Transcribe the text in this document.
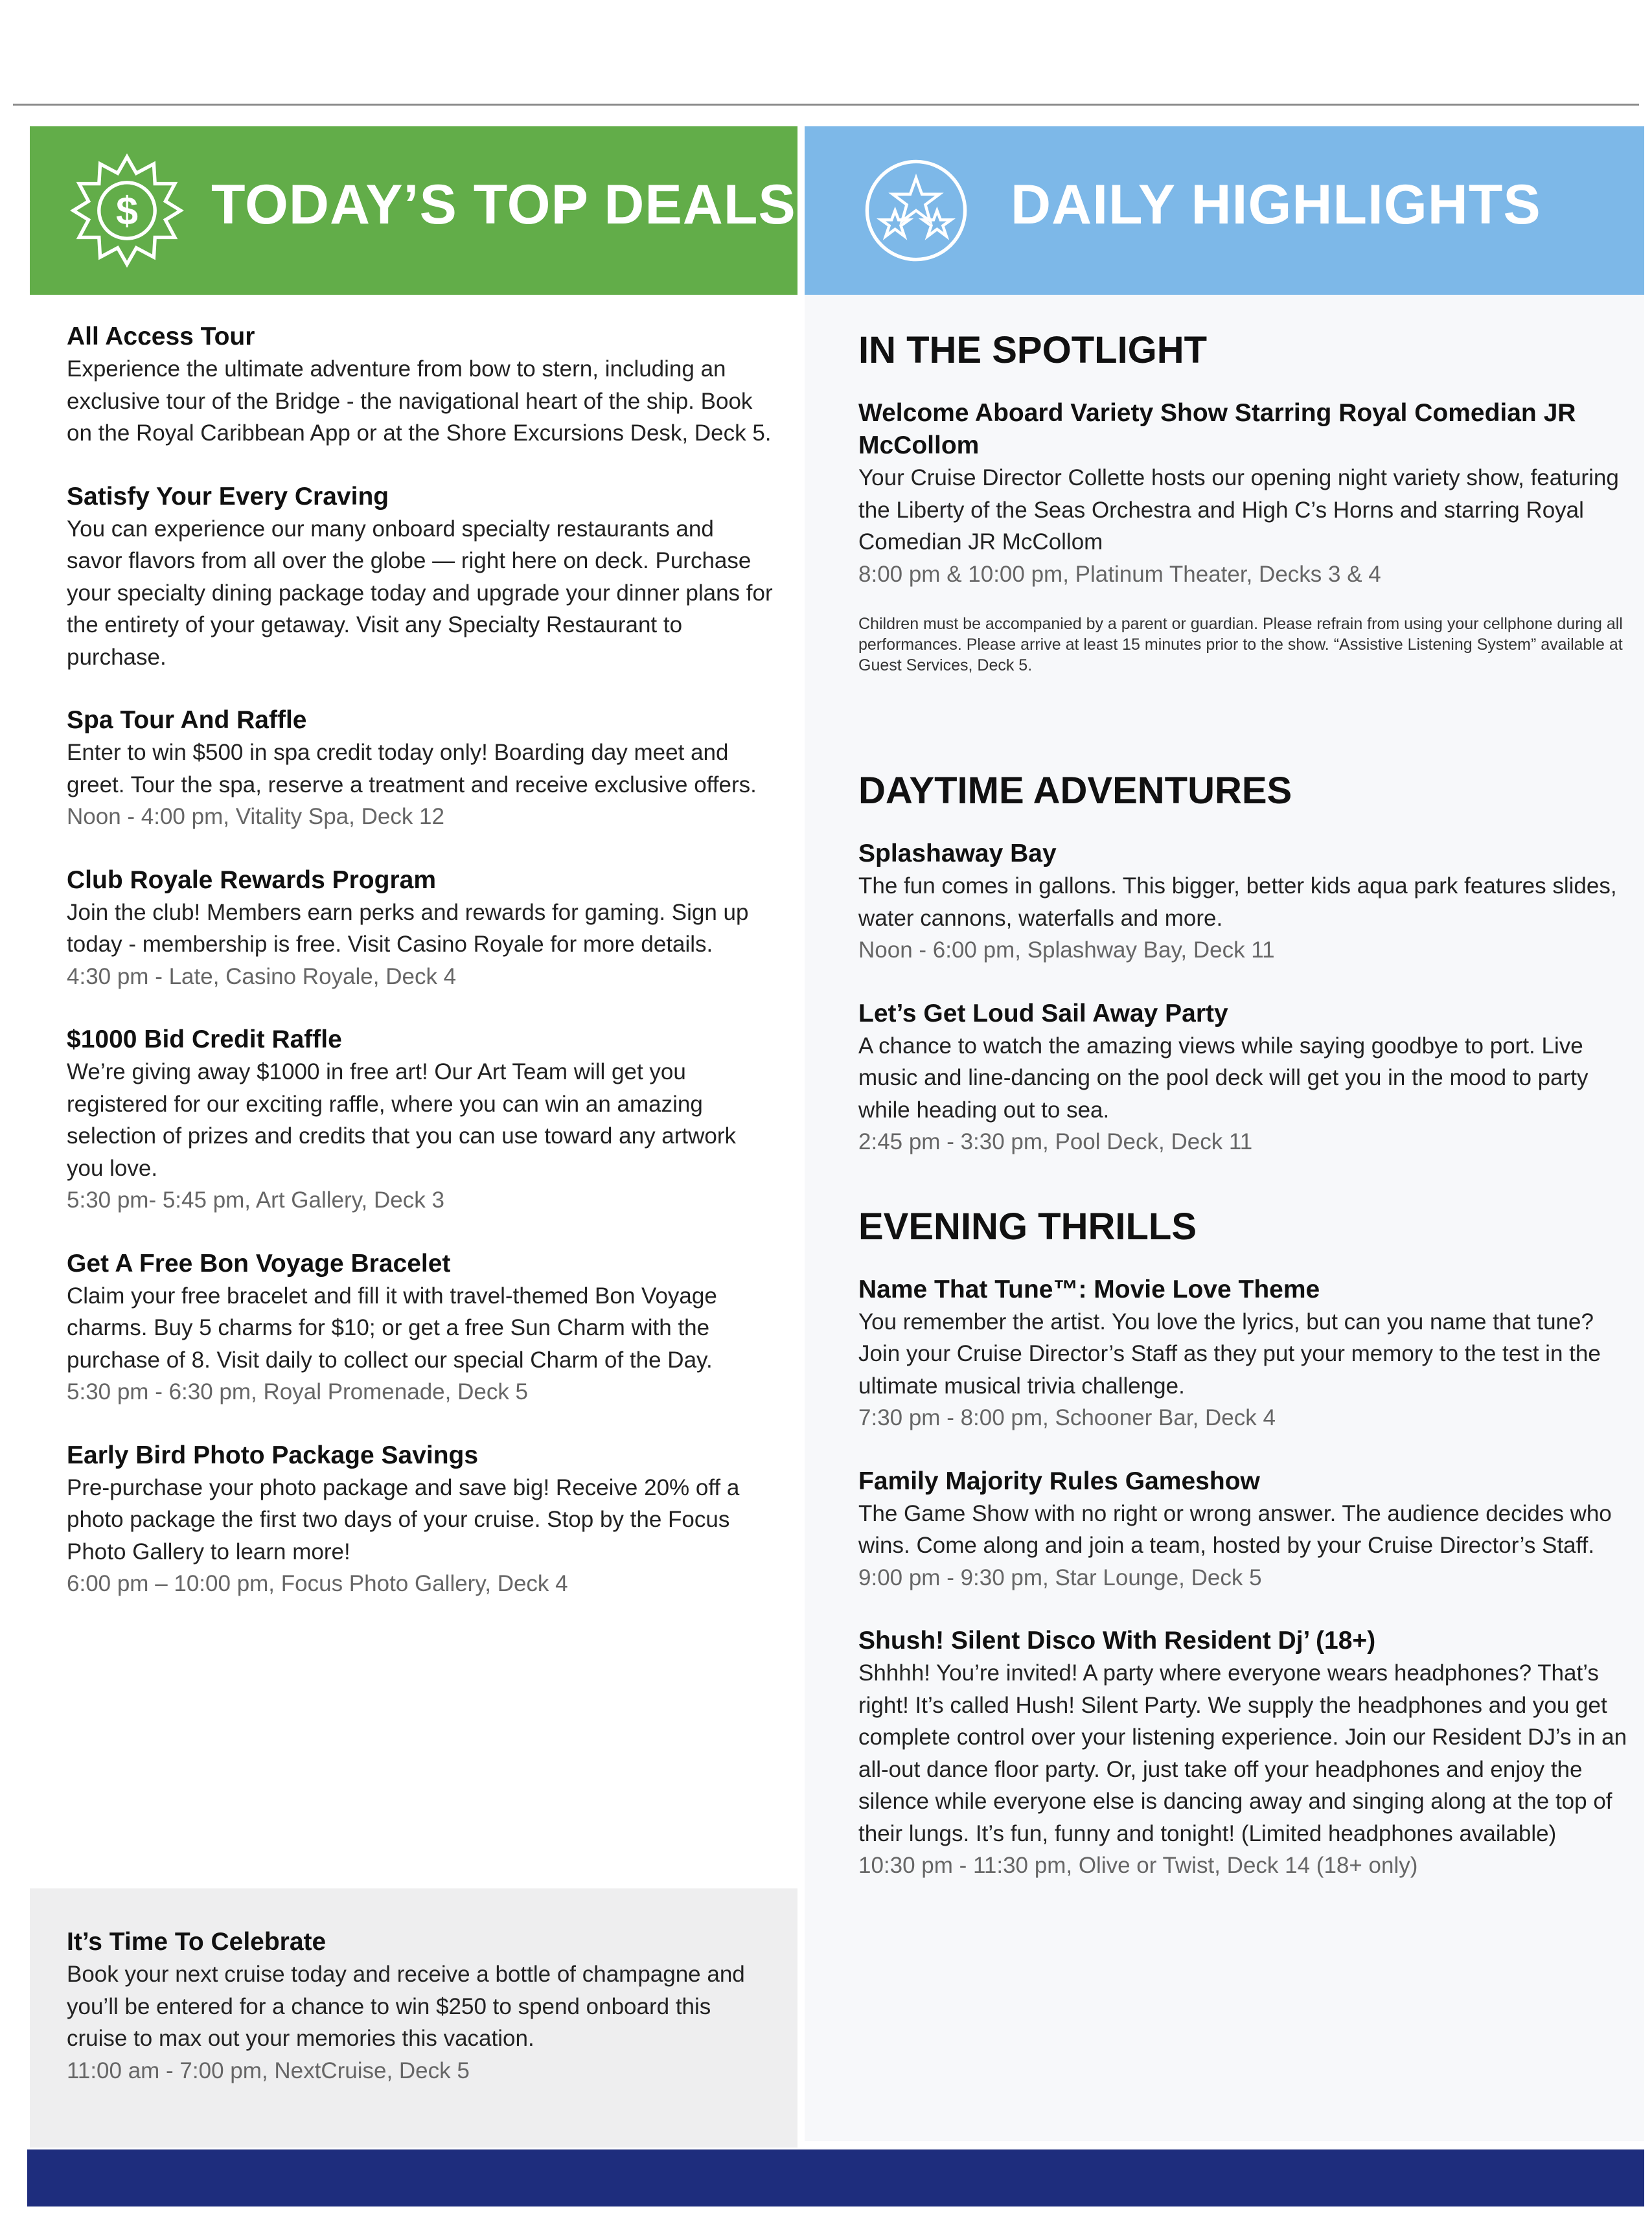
$ TODAY’S TOP DEALS	DAILY HIGHLIGHTS
All Access Tour

Experience the ultimate adventure from bow to stern, including an exclusive tour of the Bridge - the navigational heart of the ship. Book on the Royal Caribbean App or at the Shore Excursions Desk, Deck 5.

Satisfy Your Every Craving

You can experience our many onboard specialty restaurants and savor flavors from all over the globe — right here on deck. Purchase your specialty dining package today and upgrade your dinner plans for the entirety of your getaway. Visit any Specialty Restaurant to purchase.

Spa Tour And Raffle

Enter to win $500 in spa credit today only! Boarding day meet and greet. Tour the spa, reserve a treatment and receive exclusive offers.

Noon - 4:00 pm, Vitality Spa, Deck 12
Club Royale Rewards Program

Join the club! Members earn perks and rewards for gaming. Sign up today - membership is free. Visit Casino Royale for more details.

4:30 pm - Late, Casino Royale, Deck 4
$1000 Bid Credit Raffle

We’re giving away $1000 in free art! Our Art Team will get you registered for our exciting raffle, where you can win an amazing selection of prizes and credits that you can use toward any artwork you love.

5:30 pm- 5:45 pm, Art Gallery, Deck 3
Get A Free Bon Voyage Bracelet

Claim your free bracelet and fill it with travel-themed Bon Voyage charms. Buy 5 charms for $10; or get a free Sun Charm with the purchase of 8. Visit daily to collect our special Charm of the Day.

5:30 pm - 6:30 pm, Royal Promenade, Deck 5
Early Bird Photo Package Savings

Pre-purchase your photo package and save big! Receive 20% off a photo package the first two days of your cruise. Stop by the Focus Photo Gallery to learn more!

6:00 pm – 10:00 pm, Focus Photo Gallery, Deck 4
It’s Time To Celebrate

Book your next cruise today and receive a bottle of champagne and you’ll be entered for a chance to win $250 to spend onboard this cruise to max out your memories this vacation.

11:00 am - 7:00 pm, NextCruise, Deck 5
IN THE SPOTLIGHT
Welcome Aboard Variety Show Starring Royal Comedian JR McCollom

Your Cruise Director Collette hosts our opening night variety show, featuring the Liberty of the Seas Orchestra and High C’s Horns and starring Royal Comedian JR McCollom

8:00 pm & 10:00 pm, Platinum Theater, Decks 3 & 4
Children must be accompanied by a parent or guardian. Please refrain from using your cellphone during all performances. Please arrive at least 15 minutes prior to the show. “Assistive Listening System” available at Guest Services, Deck 5.
DAYTIME ADVENTURES
Splashaway Bay

The fun comes in gallons. This bigger, better kids aqua park features slides, water cannons, waterfalls and more.

Noon - 6:00 pm, Splashway Bay, Deck 11
Let’s Get Loud Sail Away Party

A chance to watch the amazing views while saying goodbye to port. Live music and line-dancing on the pool deck will get you in the mood to party while heading out to sea.

2:45 pm - 3:30 pm, Pool Deck, Deck 11
EVENING THRILLS
Name That Tune™: Movie Love Theme

You remember the artist. You love the lyrics, but can you name that tune? Join your Cruise Director’s Staff as they put your memory to the test in the ultimate musical trivia challenge.

7:30 pm - 8:00 pm, Schooner Bar, Deck 4
Family Majority Rules Gameshow

The Game Show with no right or wrong answer. The audience decides who wins. Come along and join a team, hosted by your Cruise Director’s Staff.

9:00 pm - 9:30 pm, Star Lounge, Deck 5
Shush! Silent Disco With Resident Dj’ (18+)

Shhhh! You’re invited! A party where everyone wears headphones? That’s right! It’s called Hush! Silent Party. We supply the headphones and you get complete control over your listening experience. Join our Resident DJ’s in an all-out dance floor party. Or, just take off your headphones and enjoy the silence while everyone else is dancing away and singing along at the top of their lungs. It’s fun, funny and tonight! (Limited headphones available)

10:30 pm - 11:30 pm, Olive or Twist, Deck 14 (18+ only)
